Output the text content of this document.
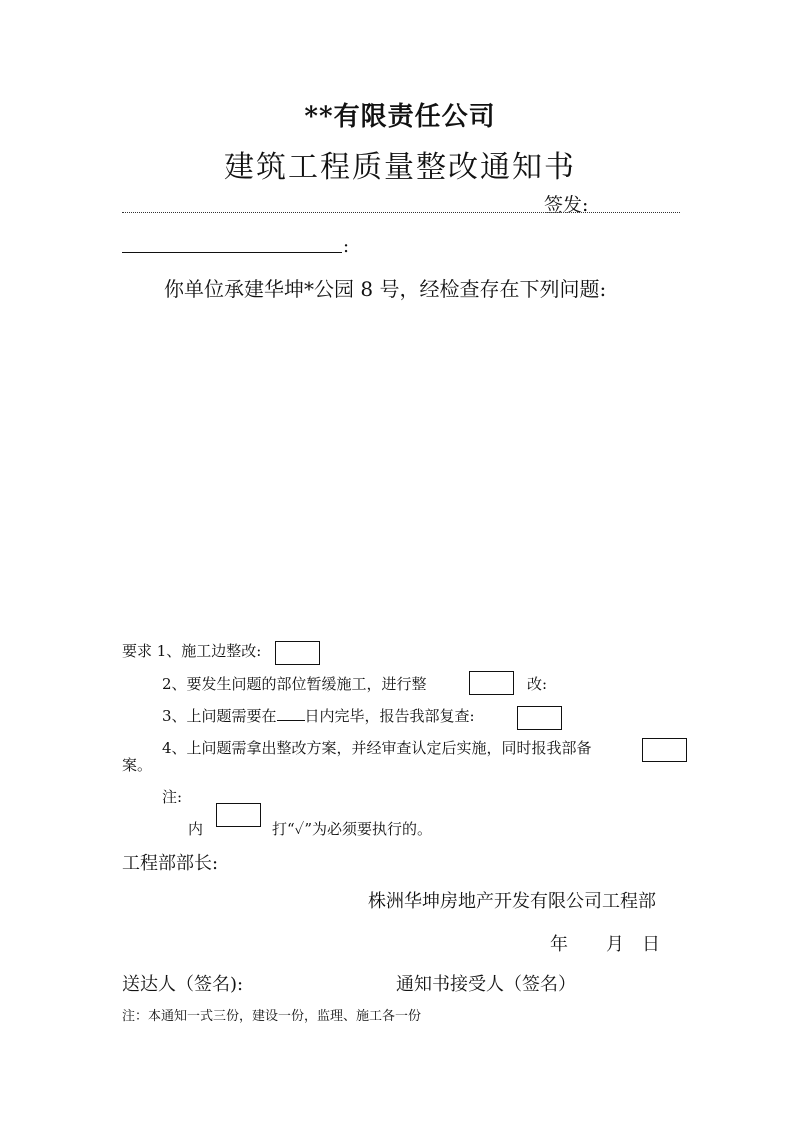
**有限责任公司
建筑工程质量整改通知书
签发:
:
你单位承建华坤*公园 8 号，经检查存在下列问题:
要求 1、施工边整改:
2、要发生问题的部位暂缓施工，进行整	改:
3、上问题需要在 日内完毕，报告我部复查:
4、上问题需拿出整改方案，并经审查认定后实施，同时报我部备
案。
注:
内	打“✓”为必须要执行的。
工程部部长:
株洲华坤房地产开发有限公司工程部
年 月 日
送达人（签名):	通知书接受人（签名）
注：本通知一式三份，建设一份，监理、施工各一份
